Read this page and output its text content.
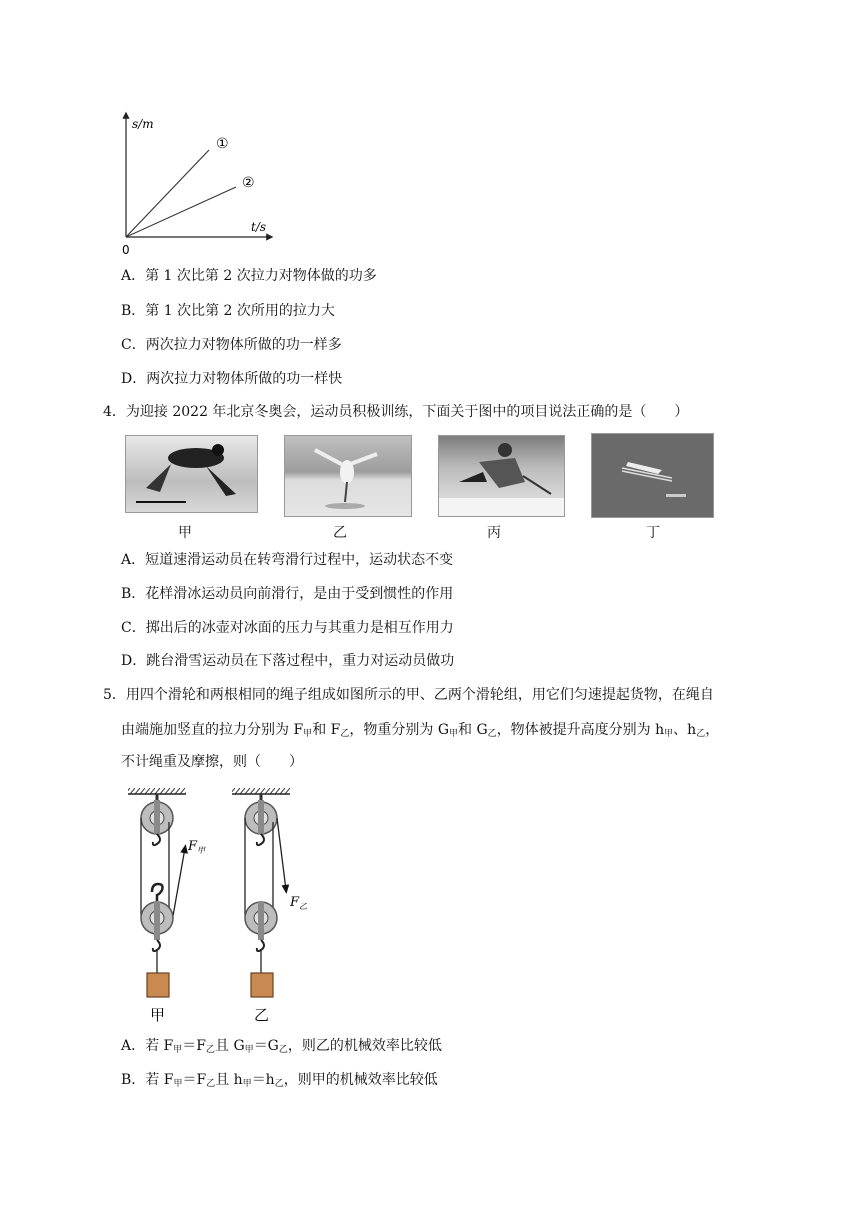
s/m
t/s
0
①
②
A．第 1 次比第 2 次拉力对物体做的功多
B．第 1 次比第 2 次所用的拉力大
C．两次拉力对物体所做的功一样多
D．两次拉力对物体所做的功一样快
4．为迎接 2022 年北京冬奥会，运动员积极训练，下面关于图中的项目说法正确的是（　　）
甲	乙	丙	丁
A．短道速滑运动员在转弯滑行过程中，运动状态不变
B．花样滑冰运动员向前滑行，是由于受到惯性的作用
C．掷出后的冰壶对冰面的压力与其重力是相互作用力
D．跳台滑雪运动员在下落过程中，重力对运动员做功
5．用四个滑轮和两根相同的绳子组成如图所示的甲、乙两个滑轮组，用它们匀速提起货物，在绳自
由端施加竖直的拉力分别为 $F_甲$和 $F_乙$，物重分别为 $G_甲$和 $G_乙$，物体被提升高度分别为 $h_甲$、$h_乙$，
不计绳重及摩擦，则（　　）
$F_甲$
$F_乙$
甲	乙
A．若 $F_甲=F_乙$且 $G_甲=G_乙$，则乙的机械效率比较低
B．若 $F_甲=F_乙$且 $h_甲=h_乙$，则甲的机械效率比较低
